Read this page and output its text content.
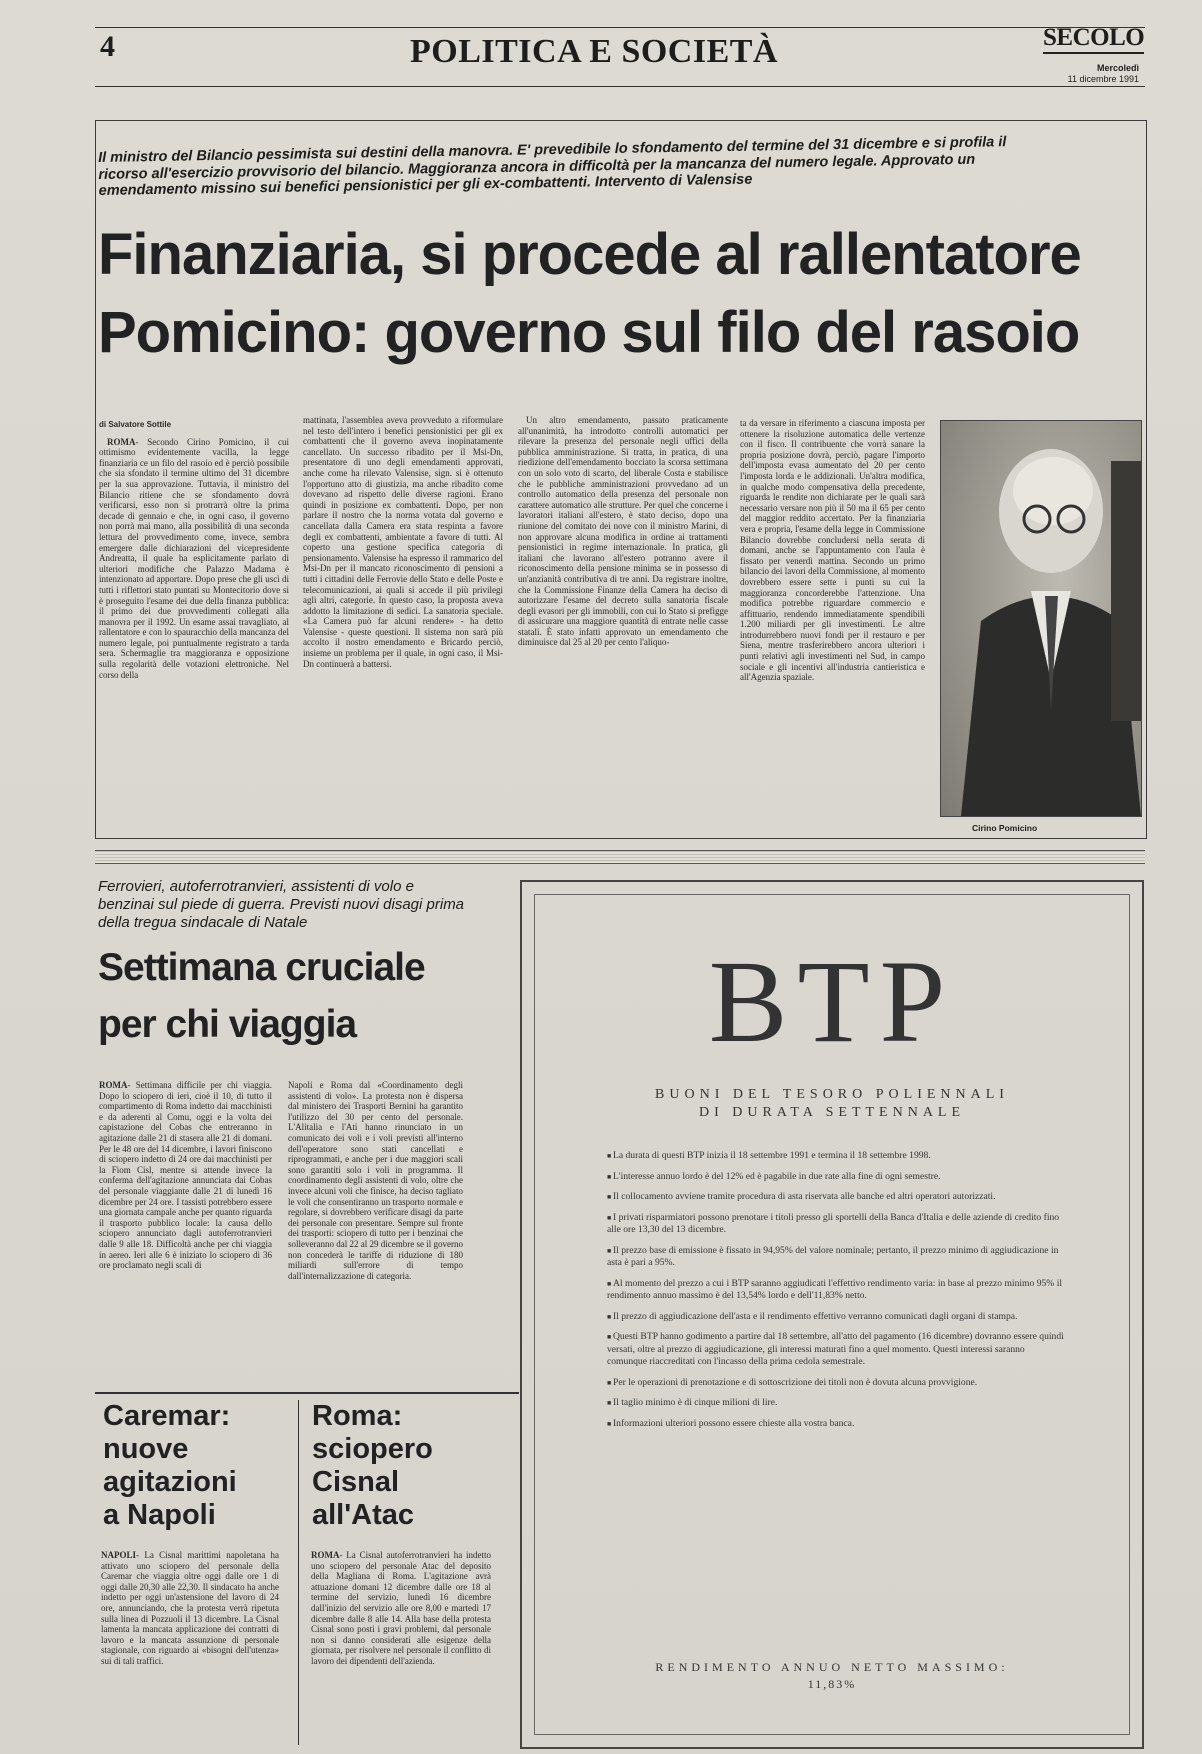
4	POLITICA E SOCIETÀ	SECOLO
Mercoledì
11 dicembre 1991
Il ministro del Bilancio pessimista sui destini della manovra. E' prevedibile lo sfondamento del termine del 31 dicembre e si profila il ricorso all'esercizio provvisorio del bilancio. Maggioranza ancora in difficoltà per la mancanza del numero legale. Approvato un emendamento missino sui benefici pensionistici per gli ex-combattenti. Intervento di Valensise
Finanziaria, si procede al rallentatore
Pomicino: governo sul filo del rasoio
di Salvatore Sottile

ROMA- Secondo Cirino Pomicino, il cui ottimismo evidentemente vacilla, la legge finanziaria ce un filo del rasoio ed è perciò possibile che sia sfondato il termine ultimo del 31 dicembre per la sua approvazione. Tuttavia, il ministro del Bilancio ritiene che se sfondamento dovrà verificarsi, esso non si protrarrà oltre la prima decade di gennaio e che, in ogni caso, il governo non porrà mai mano, alla possibilità di una seconda lettura del provvedimento come, invece, sembra emergere dalle dichiarazioni del vicepresidente Andreatta, il quale ha esplicitamente parlato di ulteriori modifiche che Palazzo Madama è intenzionato ad apportare. Dopo prese che gli uscì di tutti i riflettori stato puntati su Montecitorio dove si è proseguito l'esame dei due della finanza pubblica: il primo dei due provvedimenti collegati alla manovra per il 1992. Un esame assai travagliato, al rallentatore e con lo spauracchio della mancanza del numero legale, poi puntualmente registrato a tarda sera. Schermaglie tra maggioranza e opposizione sulla regolarità delle votazioni elettroniche. Nel corso della

mattinata, l'assemblea aveva provveduto a riformulare nel testo dell'intero i benefici pensionistici per gli ex combattenti che il governo aveva inopinatamente cancellato. Un successo ribadito per il Msi-Dn, presentatore di uno degli emendamenti approvati, anche come ha rilevato Valensise, sign. si è ottenuto l'opportuno atto di giustizia, ma anche ribadito come dovevano ad rispetto delle diverse ragioni. Erano quindi in posizione ex combattenti. Dopo, per non parlare il nostro che la norma votata dal governo e cancellata dalla Camera era stata respinta a favore degli ex combattenti, ambientate a favore di tutti. Al coperto una gestione specifica categoria di pensionamento. Valensise ha espresso il rammarico del Msi-Dn per il mancato riconoscimento di pensioni a tutti i cittadini delle Ferrovie dello Stato e delle Poste e telecomunicazioni, ai quali si accede il più privilegi agli altri, categorie. In questo caso, la proposta aveva addotto la limitazione di sedici. La sanatoria speciale. «La Camera può far alcuni rendere» - ha detto Valensise - queste questioni. Il sistema non sarà più accolto il nostro emendamento e Bricardo perciò, insieme un problema per il quale, in ogni caso, il Msi-Dn continuerà a battersi.

Un altro emendamento, passato praticamente all'unanimità, ha introdotto controlli automatici per rilevare la presenza del personale negli uffici della pubblica amministrazione. Si tratta, in pratica, di una riedizione dell'emendamento bocciato la scorsa settimana con un solo voto di scarto, del liberale Costa e stabilisce che le pubbliche amministrazioni provvedano ad un controllo automatico della presenza del personale non carattere automatico alle strutture. Per quel che concerne i lavoratori italiani all'estero, è stato deciso, dopo una riunione del comitato dei nove con il ministro Marini, di non approvare alcuna modifica in ordine ai trattamenti pensionistici in regime internazionale. In pratica, gli italiani che lavorano all'estero potranno avere il riconoscimento della pensione minima se in possesso di un'anzianità contributiva di tre anni. Da registrare inoltre, che la Commissione Finanze della Camera ha deciso di autorizzare l'esame del decreto sulla sanatoria fiscale degli evasori per gli immobili, con cui lo Stato si prefigge di assicurare una maggiore quantità di entrate nelle casse statali. È stato infatti approvato un emendamento che diminuisce dal 25 al 20 per cento l'aliquo-

ta da versare in riferimento a ciascuna imposta per ottenere la risoluzione automatica delle vertenze con il fisco. Il contribuente che vorrà sanare la propria posizione dovrà, perciò, pagare l'importo dell'imposta evasa aumentato del 20 per cento l'imposta lorda e le addizionali. Un'altra modifica, in qualche modo compensativa della precedente, riguarda le rendite non dichiarate per le quali sarà necessario versare non più il 50 ma il 65 per cento del maggior reddito accertato. Per la finanziaria vera e propria, l'esame della legge in Commissione Bilancio dovrebbe concludersi nella serata di domani, anche se l'appuntamento con l'aula è fissato per venerdì mattina. Secondo un primo bilancio dei lavori della Commissione, al momento dovrebbero essere sette i punti su cui la maggioranza concorderebbe l'attenzione. Una modifica potrebbe riguardare commercio e affittuario, rendendo immediatamente spendibili 1.200 miliardi per gli investimenti. Le altre introdurrebbero nuovi fondi per il restauro e per Siena, mentre trasferirebbero ancora ulteriori i punti relativi agli investimenti nel Sud, in campo sociale e gli incentivi all'industria cantieristica e all'Agenzia spaziale.

Cirino Pomicino
Ferrovieri, autoferrotranvieri, assistenti di volo e benzinai sul piede di guerra. Previsti nuovi disagi prima della tregua sindacale di Natale
Settimana cruciale
per chi viaggia

ROMA- Settimana difficile per chi viaggia. Dopo lo sciopero di ieri, cioè il 10, di tutto il compartimento di Roma indetto dai macchinisti e da aderenti al Comu, oggi e la volta dei capistazione del Cobas che entreranno in agitazione dalle 21 di stasera alle 21 di domani. Per le 48 ore del 14 dicembre, i lavori finiscono di sciopero indetto di 24 ore dai macchinisti per la Fiom Cisl, mentre si attende invece la conferma dell'agitazione annunciata dai Cobas del personale viaggiante dalle 21 di lunedì 16 dicembre per 24 ore. I tassisti potrebbero essere una giornata campale anche per quanto riguarda il trasporto pubblico locale: la causa dello sciopero annunciato dagli autoferrotranvieri dalle 9 alle 18. Difficoltà anche per chi viaggia in aereo. Ieri alle 6 è iniziato lo sciopero di 36 ore proclamato negli scali di

Napoli e Roma dal «Coordinamento degli assistenti di volo». La protesta non è dispersa dal ministero dei Trasporti Bernini ha garantito l'utilizzo del 30 per cento del personale. L'Alitalia e l'Ati hanno rinunciato in un comunicato dei voli e i voli previsti all'interno dell'operatore sono stati cancellati e riprogrammati, e anche per i due maggiori scali sono garantiti solo i voli in programma. Il coordinamento degli assistenti di volo, oltre che invece alcuni voli che finisce, ha deciso tagliato le voli che consentiranno un trasporto normale e regolare, si dovrebbero verificare disagi da parte dei personale con presentare. Sempre sul fronte dei trasporti: sciopero di tutto per i benzinai che solleveranno dal 22 al 29 dicembre se il governo non concederà le tariffe di riduzione di 180 miliardi sull'errore di tempo dall'internalizzazione di categoria.

Caremar: nuove agitazioni a Napoli

NAPOLI- La Cisnal marittimi napoletana ha attivato uno sciopero del personale della Caremar che viaggia oltre oggi dalle ore 1 di oggi dalle 20,30 alle 22,30. Il sindacato ha anche indetto per oggi un'astensione del lavoro di 24 ore, annunciando, che la protesta verrà ripetuta sulla linea di Pozzuoli il 13 dicembre. La Cisnal lamenta la mancata applicazione dei contratti di lavoro e la mancata assunzione di personale stagionale, con riguardo ai «bisogni dell'utenza» sui di tali traffici.

Roma: sciopero Cisnal all'Atac

ROMA- La Cisnal autoferrotranvieri ha indetto uno sciopero del personale Atac del deposito della Magliana di Roma. L'agitazione avrà attuazione domani 12 dicembre dalle ore 18 al termine del servizio, lunedì 16 dicembre dall'inizio del servizio alle ore 8,00 e martedì 17 dicembre dalle 8 alle 14. Alla base della protesta Cisnal sono posti i gravi problemi, dal personale non si danno considerati alle esigenze della giornata, per risolvere nel personale il conflitto di lavoro dei dipendenti dell'azienda.

BTP
BUONI DEL TESORO POLIENNALI
DI DURATA SETTENNALE
■ La durata di questi BTP inizia il 18 settembre 1991 e termina il 18 settembre 1998.
■ L'interesse annuo lordo è del 12% ed è pagabile in due rate alla fine di ogni semestre.
■ Il collocamento avviene tramite procedura di asta riservata alle banche ed altri operatori autorizzati.
■ I privati risparmiatori possono prenotare i titoli presso gli sportelli della Banca d'Italia e delle aziende di credito fino alle ore 13,30 del 13 dicembre.
■ Il prezzo base di emissione è fissato in 94,95% del valore nominale; pertanto, il prezzo minimo di aggiudicazione in asta è pari a 95%.
■ Al momento del prezzo a cui i BTP saranno aggiudicati l'effettivo rendimento varia: in base al prezzo minimo 95% il rendimento annuo massimo è del 13,54% lordo e dell'11,83% netto.
■ Il prezzo di aggiudicazione dell'asta e il rendimento effettivo verranno comunicati dagli organi di stampa.
■ Questi BTP hanno godimento a partire dal 18 settembre, all'atto del pagamento (16 dicembre) dovranno essere quindi versati, oltre al prezzo di aggiudicazione, gli interessi maturati fino a quel momento. Questi interessi saranno comunque riaccreditati con l'incasso della prima cedola semestrale.
■ Per le operazioni di prenotazione e di sottoscrizione dei titoli non è dovuta alcuna provvigione.
■ Il taglio minimo è di cinque milioni di lire.
■ Informazioni ulteriori possono essere chieste alla vostra banca.
RENDIMENTO ANNUO NETTO MASSIMO:
11,83%
